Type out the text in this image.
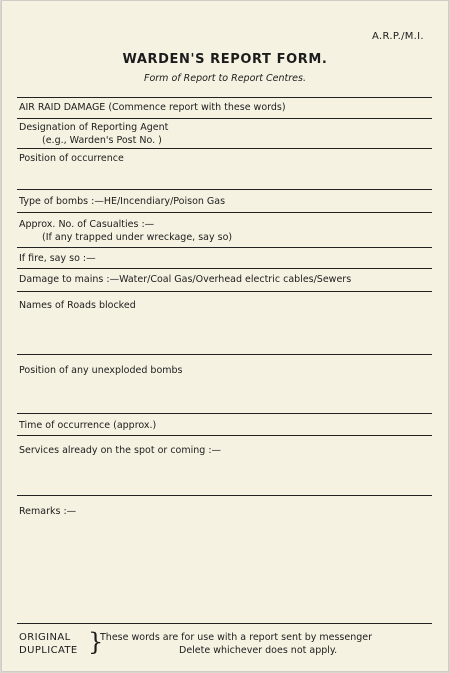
A.R.P./M.I.
WARDEN'S REPORT FORM.
Form of Report to Report Centres.
AIR RAID DAMAGE (Commence report with these words)
Designation of Reporting Agent
(e.g., Warden's Post No. )
Position of occurrence
Type of bombs :—HE/Incendiary/Poison Gas
Approx. No. of Casualties :—
(If any trapped under wreckage, say so)
If fire, say so :—
Damage to mains :—Water/Coal Gas/Overhead electric cables/Sewers
Names of Roads blocked
Position of any unexploded bombs
Time of occurrence (approx.)
Services already on the spot or coming :—
Remarks :—
ORIGINAL
DUPLICATE }
These words are for use with a report sent by messenger
Delete whichever does not apply.
